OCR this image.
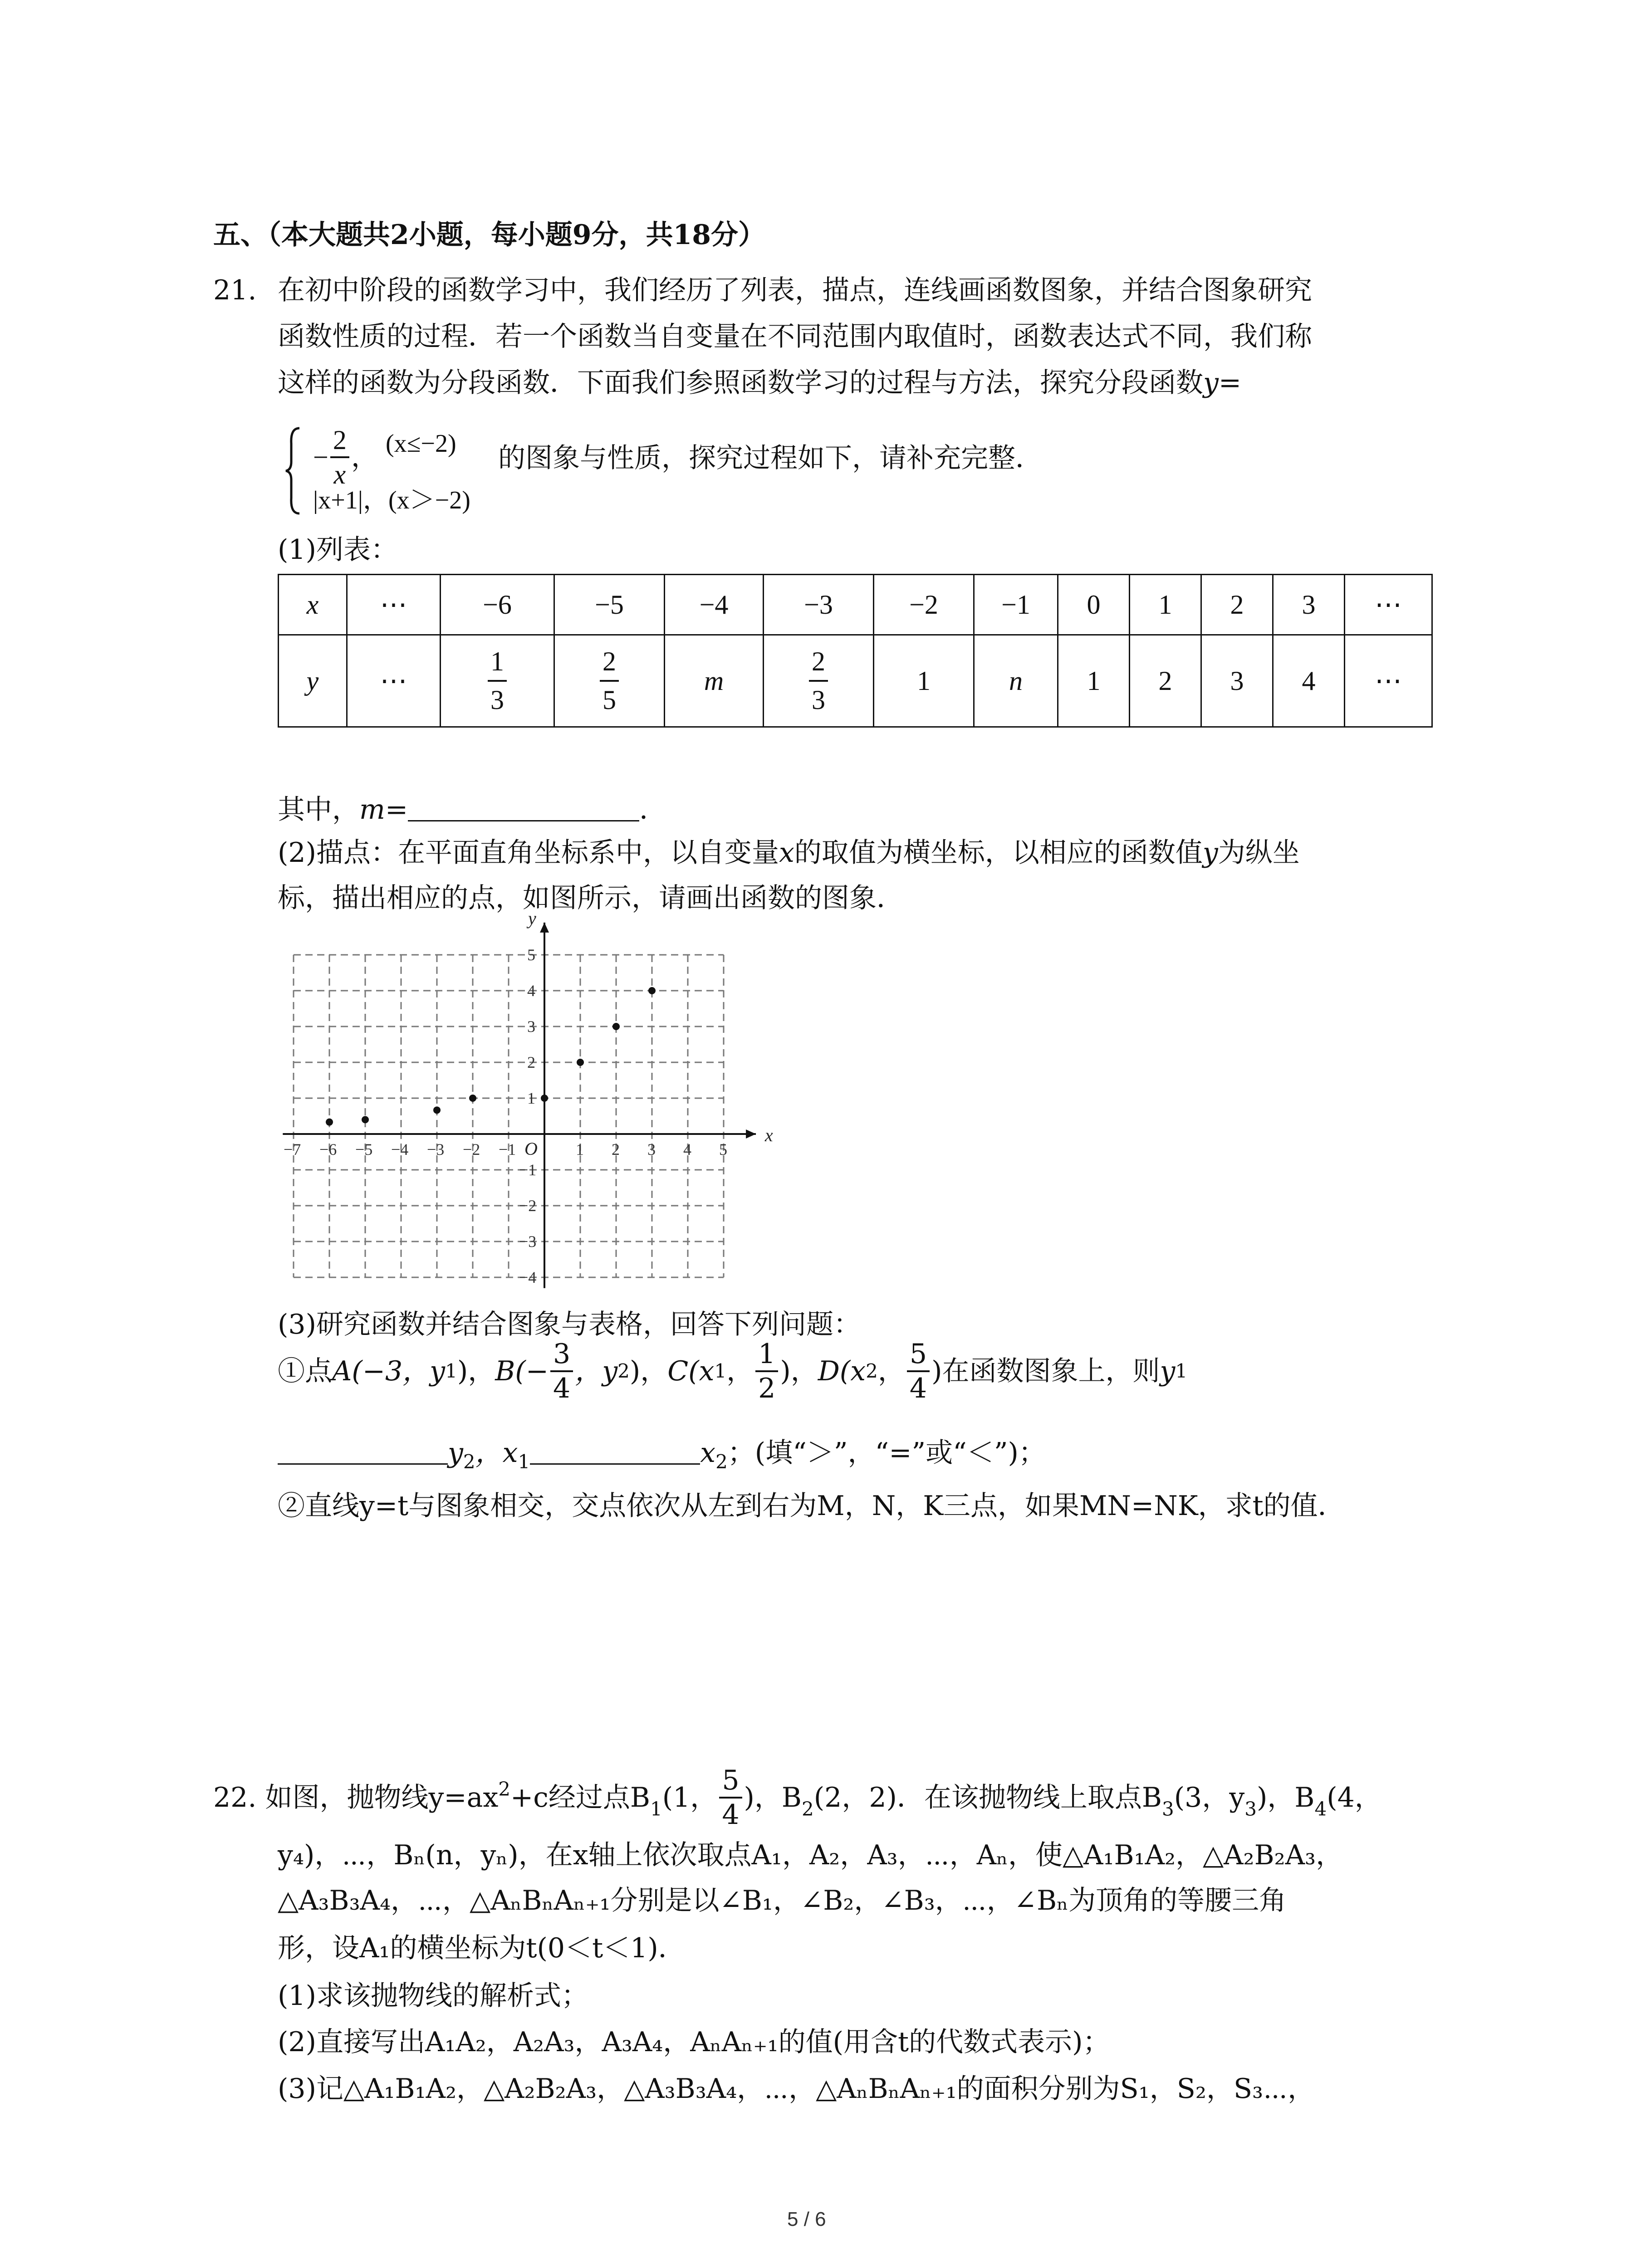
五、（本大题共2小题，每小题9分，共18分）
21. 在初中阶段的函数学习中，我们经历了列表，描点，连线画函数图象，并结合图象研究
函数性质的过程．若一个函数当自变量在不同范围内取值时，函数表达式不同，我们称
这样的函数为分段函数．下面我们参照函数学习的过程与方法，探究分段函数y=
− $\frac{2}{x}$ ， (x≤−2) 的图象与性质，探究过程如下，请补充完整．
|x+1|，(x＞−2)
(1)列表：
x	⋯	−6	−5	−4	−3	−2	−1	0	1	2	3	⋯
y	⋯	$\frac{1}{3}$	$\frac{2}{5}$	m	$\frac{2}{3}$	1	n	1	2	3	4	⋯
其中，m=	．
(2)描点：在平面直角坐标系中，以自变量x的取值为横坐标，以相应的函数值y为纵坐
标，描出相应的点，如图所示，请画出函数的图象．
x
y
O
−7 −6 −5 −4 −3 −2 −1	1 2 3 4 5
5
4
3
2
1
−1
−2
−3
−4
(3)研究函数并结合图象与表格，回答下列问题：
①点A(−3，y1)，$B(- \frac{3}{4}$ ，y2)，C(x1， $\frac{1}{2}$ )，D(x2， $\frac{5}{4}$ )在函数图象上，则y1
$y_2$，$x_1$	$x_2$；(填“＞”，“=”或“＜”)；
②直线y=t与图象相交，交点依次从左到右为M，N，K三点，如果MN=NK，求t的值．
22. 如图，抛物线$y=ax^2+c$经过点$B_1(1$， $\frac{5}{4}$ )，$B_2(2$，2)．在该抛物线上取点$B_3(3$，$y_3$)，$B_4(4$，
y₄)，⋯，Bₙ(n，yₙ)，在x轴上依次取点A₁，A₂，A₃，⋯，Aₙ，使△A₁B₁A₂，△A₂B₂A₃，
△A₃B₃A₄，⋯，△AₙBₙAₙ₊₁分别是以∠B₁，∠B₂，∠B₃，⋯，∠Bₙ为顶角的等腰三角
形，设A₁的横坐标为t(0＜t＜1)．
(1)求该抛物线的解析式；
(2)直接写出A₁A₂，A₂A₃，A₃A₄，AₙAₙ₊₁的值(用含t的代数式表示)；
(3)记△A₁B₁A₂，△A₂B₂A₃，△A₃B₃A₄，⋯，△AₙBₙAₙ₊₁的面积分别为S₁，S₂，S₃⋯，
5 / 6
